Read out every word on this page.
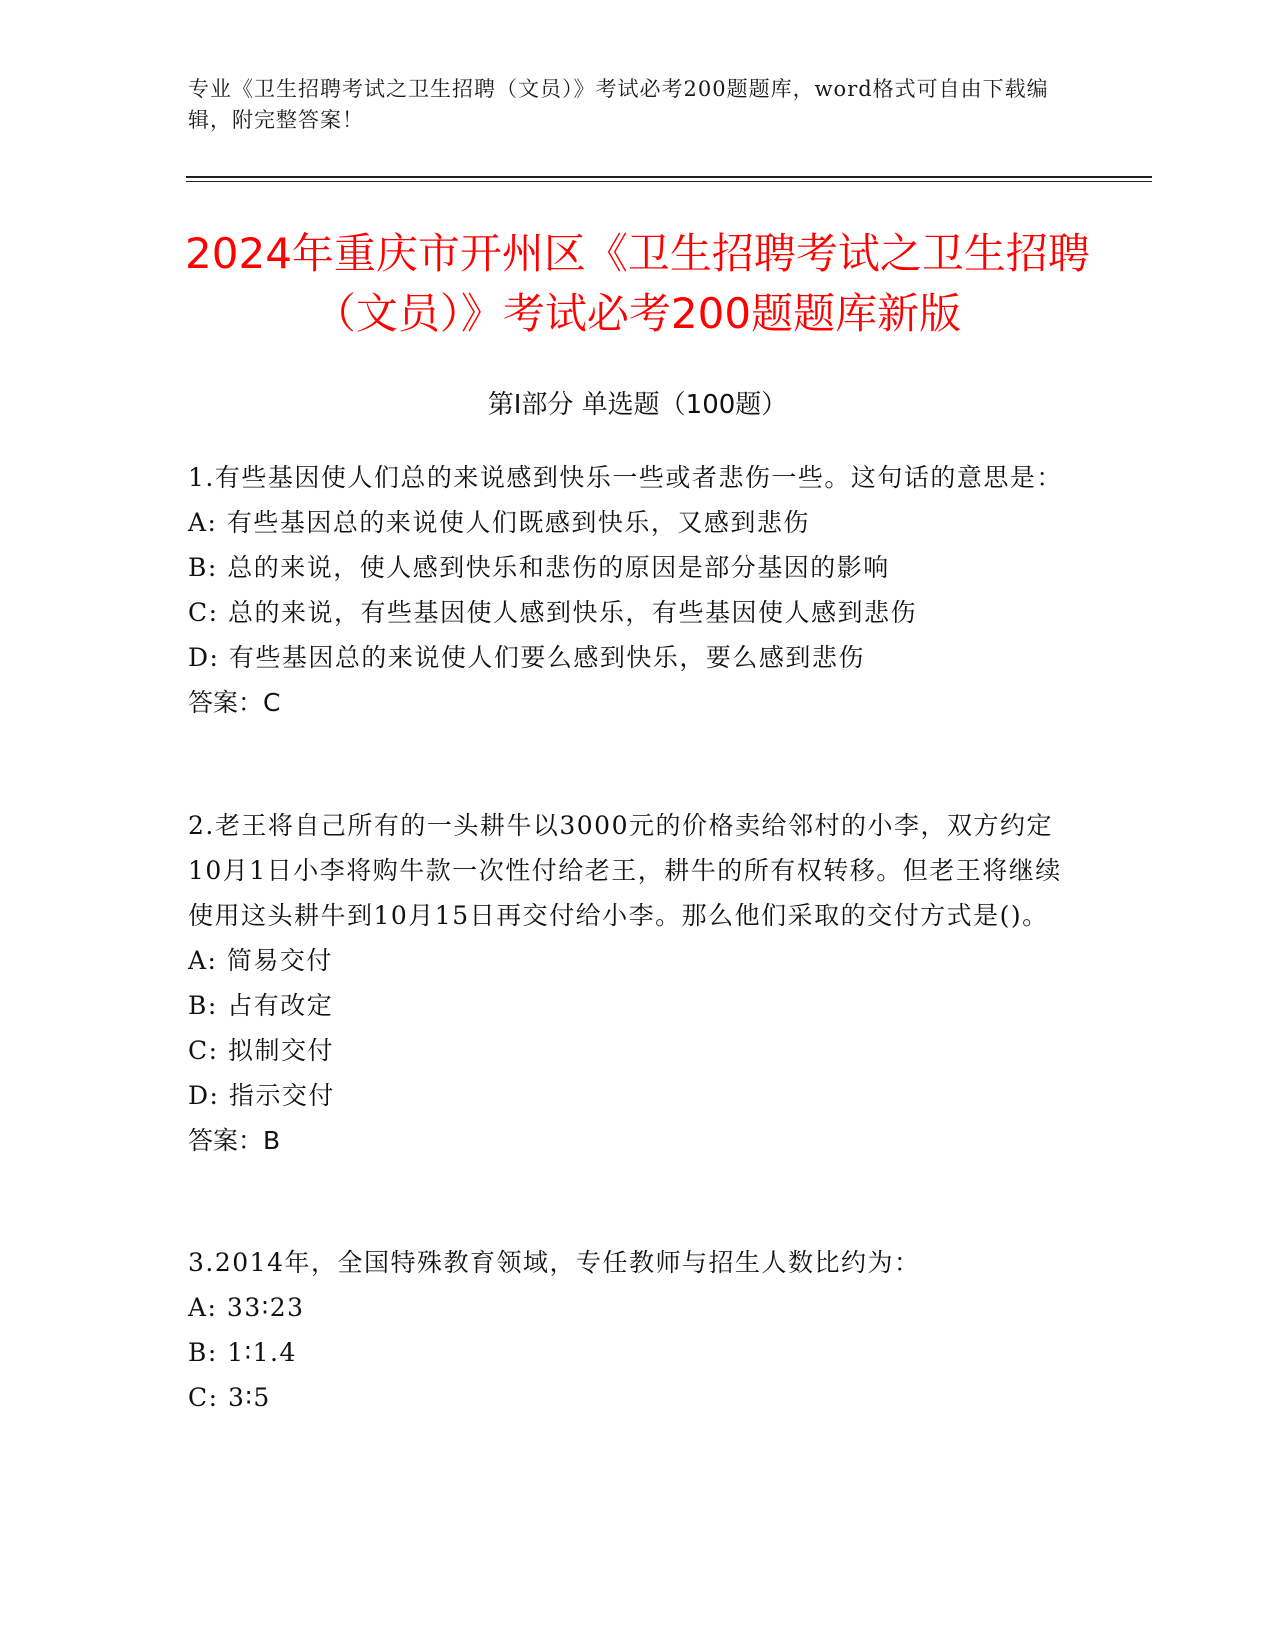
专业《卫生招聘考试之卫生招聘（文员）》考试必考200题题库，word格式可自由下载编辑，附完整答案！
2024年重庆市开州区《卫生招聘考试之卫生招聘（文员）》考试必考200题题库新版
第I部分 单选题（100题）

1.有些基因使人们总的来说感到快乐一些或者悲伤一些。这句话的意思是：

A: 有些基因总的来说使人们既感到快乐，又感到悲伤

B: 总的来说，使人感到快乐和悲伤的原因是部分基因的影响

C: 总的来说，有些基因使人感到快乐，有些基因使人感到悲伤

D: 有些基因总的来说使人们要么感到快乐，要么感到悲伤

答案：C

2.老王将自己所有的一头耕牛以3000元的价格卖给邻村的小李，双方约定10月1日小李将购牛款一次性付给老王，耕牛的所有权转移。但老王将继续使用这头耕牛到10月15日再交付给小李。那么他们采取的交付方式是()。

A: 简易交付

B: 占有改定

C: 拟制交付

D: 指示交付

答案：B

3.2014年，全国特殊教育领域，专任教师与招生人数比约为：

A: 33∶23

B: 1∶1.4

C: 3∶5
